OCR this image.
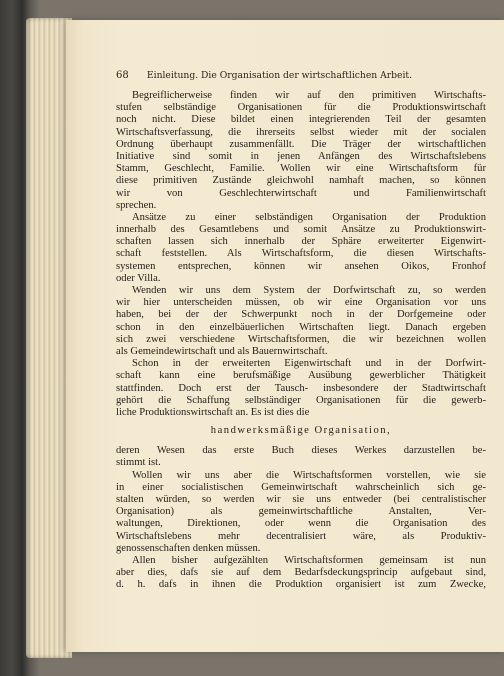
68 Einleitung. Die Organisation der wirtschaftlichen Arbeit.
Begreiflicherweise finden wir auf den primitiven Wirtschafts-
stufen selbständige Organisationen für die Produktionswirtschaft
noch nicht. Diese bildet einen integrierenden Teil der gesamten
Wirtschaftsverfassung, die ihrerseits selbst wieder mit der socialen
Ordnung überhaupt zusammenfällt. Die Träger der wirtschaftlichen
Initiative sind somit in jenen Anfängen des Wirtschaftslebens
Stamm, Geschlecht, Familie. Wollen wir eine Wirtschaftsform für
diese primitiven Zustände gleichwohl namhaft machen, so können
wir von Geschlechterwirtschaft und Familienwirtschaft
sprechen.
Ansätze zu einer selbständigen Organisation der Produktion
innerhalb des Gesamtlebens und somit Ansätze zu Produktionswirt-
schaften lassen sich innerhalb der Sphäre erweiterter Eigenwirt-
schaft feststellen. Als Wirtschaftsform, die diesen Wirtschafts-
systemen entsprechen, können wir ansehen Oikos, Fronhof
oder Villa.
Wenden wir uns dem System der Dorfwirtschaft zu, so werden
wir hier unterscheiden müssen, ob wir eine Organisation vor uns
haben, bei der der Schwerpunkt noch in der Dorfgemeine oder
schon in den einzelbäuerlichen Wirtschaften liegt. Danach ergeben
sich zwei verschiedene Wirtschaftsformen, die wir bezeichnen wollen
als Gemeindewirtschaft und als Bauernwirtschaft.
Schon in der erweiterten Eigenwirtschaft und in der Dorfwirt-
schaft kann eine berufsmäßige Ausübung gewerblicher Thätigkeit
stattfinden. Doch erst der Tausch- insbesondere der Stadtwirtschaft
gehört die Schaffung selbständiger Organisationen für die gewerb-
liche Produktionswirtschaft an. Es ist dies die
handwerksmäßige Organisation,
deren Wesen das erste Buch dieses Werkes darzustellen be-
stimmt ist.
Wollen wir uns aber die Wirtschaftsformen vorstellen, wie sie
in einer socialistischen Gemeinwirtschaft wahrscheinlich sich ge-
stalten würden, so werden wir sie uns entweder (bei centralistischer
Organisation) als gemeinwirtschaftliche Anstalten, Ver-
waltungen, Direktionen, oder wenn die Organisation des
Wirtschaftslebens mehr decentralisiert wäre, als Produktiv-
genossenschaften denken müssen.
Allen bisher aufgezählten Wirtschaftsformen gemeinsam ist nun
aber dies, dafs sie auf dem Bedarfsdeckungsprincip aufgebaut sind,
d. h. dafs in ihnen die Produktion organisiert ist zum Zwecke,
